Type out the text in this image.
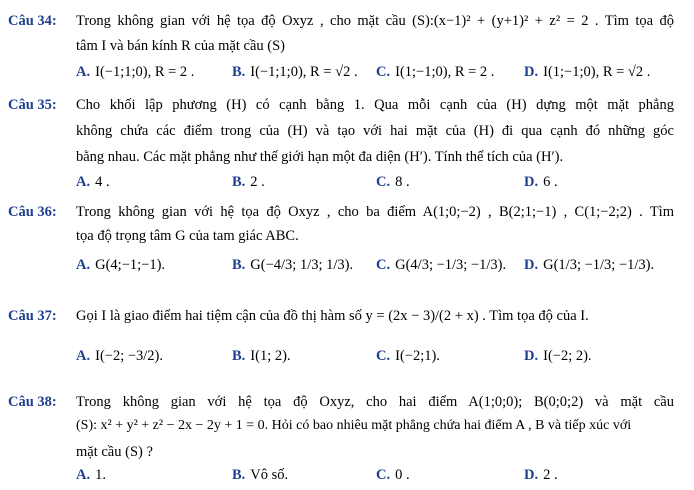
Câu 34: Trong không gian với hệ tọa độ Oxyz , cho mặt cầu (S):(x−1)² + (y+1)² + z² = 2 . Tìm tọa độ
tâm I và bán kính R của mặt cầu (S)
A. I(−1;1;0), R = 2 .	B. I(−1;1;0), R = √2 . C. I(1;−1;0), R = 2 . D. I(1;−1;0), R = √2 .
Câu 35: Cho khối lập phương (H) có cạnh bằng 1. Qua mỗi cạnh của (H) dựng một mặt phẳng
không chứa các điểm trong của (H) và tạo với hai mặt của (H) đi qua cạnh đó những góc
bằng nhau. Các mặt phẳng như thế giới hạn một đa diện (H′). Tính thể tích của (H′).
A. 4 .	B. 2 .	C. 8 .	D. 6 .
Câu 36: Trong không gian với hệ tọa độ Oxyz , cho ba điểm A(1;0;−2) , B(2;1;−1) , C(1;−2;2) . Tìm
tọa độ trọng tâm G của tam giác ABC.
A. G(4;−1;−1).	B. G(−4/3; 1/3; 1/3). C. G(4/3; −1/3; −1/3). D. G(1/3; −1/3; −1/3).
Câu 37: Gọi I là giao điểm hai tiệm cận của đồ thị hàm số y = (2x − 3)/(2 + x) . Tìm tọa độ của I.
A. I(−2; −3/2).	B. I(1; 2).	C. I(−2;1).	D. I(−2; 2).
Câu 38: Trong không gian với hệ tọa độ Oxyz, cho hai điểm A(1;0;0); B(0;0;2) và mặt cầu
(S): x² + y² + z² − 2x − 2y + 1 = 0. Hỏi có bao nhiêu mặt phẳng chứa hai điểm A , B và tiếp xúc với
mặt cầu (S) ?
A. 1.	B. Vô số.	C. 0 .	D. 2 .
